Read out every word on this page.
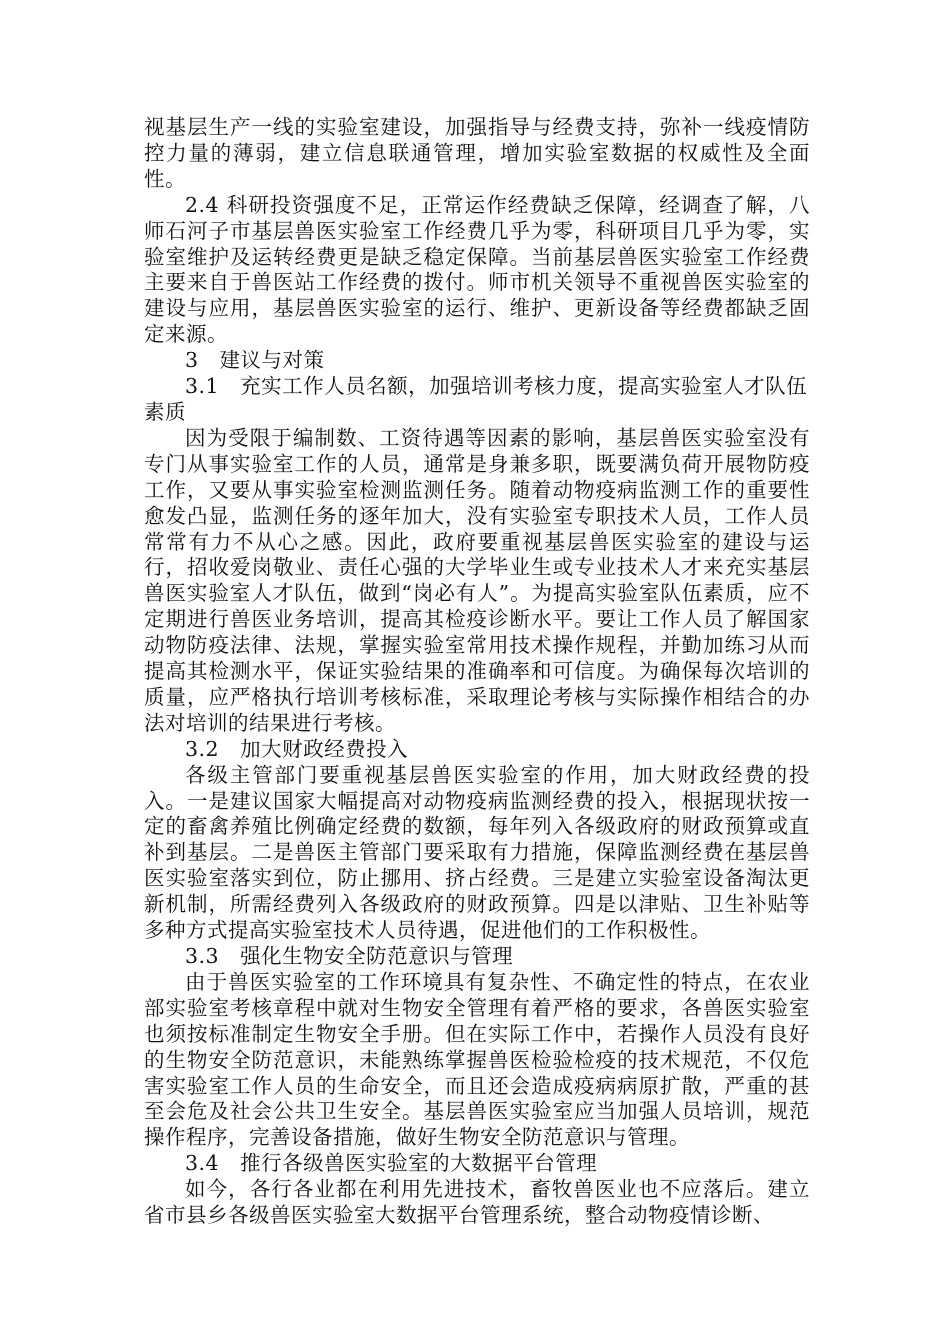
视基层生产一线的实验室建设，加强指导与经费支持，弥补一线疫情防控力量的薄弱，建立信息联通管理，增加实验室数据的权威性及全面性。

2.4 科研投资强度不足，正常运作经费缺乏保障，经调查了解，八师石河子市基层兽医实验室工作经费几乎为零，科研项目几乎为零，实验室维护及运转经费更是缺乏稳定保障。当前基层兽医实验室工作经费主要来自于兽医站工作经费的拨付。师市机关领导不重视兽医实验室的建设与应用，基层兽医实验室的运行、维护、更新设备等经费都缺乏固定来源。

3　建议与对策

3.1　充实工作人员名额，加强培训考核力度，提高实验室人才队伍素质

因为受限于编制数、工资待遇等因素的影响，基层兽医实验室没有专门从事实验室工作的人员，通常是身兼多职，既要满负荷开展物防疫工作，又要从事实验室检测监测任务。随着动物疫病监测工作的重要性愈发凸显，监测任务的逐年加大，没有实验室专职技术人员，工作人员常常有力不从心之感。因此，政府要重视基层兽医实验室的建设与运行，招收爱岗敬业、责任心强的大学毕业生或专业技术人才来充实基层兽医实验室人才队伍，做到“岗必有人”。为提高实验室队伍素质，应不定期进行兽医业务培训，提高其检疫诊断水平。要让工作人员了解国家动物防疫法律、法规，掌握实验室常用技术操作规程，并勤加练习从而提高其检测水平，保证实验结果的准确率和可信度。为确保每次培训的质量，应严格执行培训考核标准，采取理论考核与实际操作相结合的办法对培训的结果进行考核。

3.2　加大财政经费投入

各级主管部门要重视基层兽医实验室的作用，加大财政经费的投入。一是建议国家大幅提高对动物疫病监测经费的投入，根据现状按一定的畜禽养殖比例确定经费的数额，每年列入各级政府的财政预算或直补到基层。二是兽医主管部门要采取有力措施，保障监测经费在基层兽医实验室落实到位，防止挪用、挤占经费。三是建立实验室设备淘汰更新机制，所需经费列入各级政府的财政预算。四是以津贴、卫生补贴等多种方式提高实验室技术人员待遇，促进他们的工作积极性。

3.3　强化生物安全防范意识与管理

由于兽医实验室的工作环境具有复杂性、不确定性的特点，在农业部实验室考核章程中就对生物安全管理有着严格的要求，各兽医实验室也须按标准制定生物安全手册。但在实际工作中，若操作人员没有良好的生物安全防范意识，未能熟练掌握兽医检验检疫的技术规范，不仅危害实验室工作人员的生命安全，而且还会造成疫病病原扩散，严重的甚至会危及社会公共卫生安全。基层兽医实验室应当加强人员培训，规范操作程序，完善设备措施，做好生物安全防范意识与管理。

3.4　推行各级兽医实验室的大数据平台管理

如今，各行各业都在利用先进技术，畜牧兽医业也不应落后。建立省市县乡各级兽医实验室大数据平台管理系统，整合动物疫情诊断、
